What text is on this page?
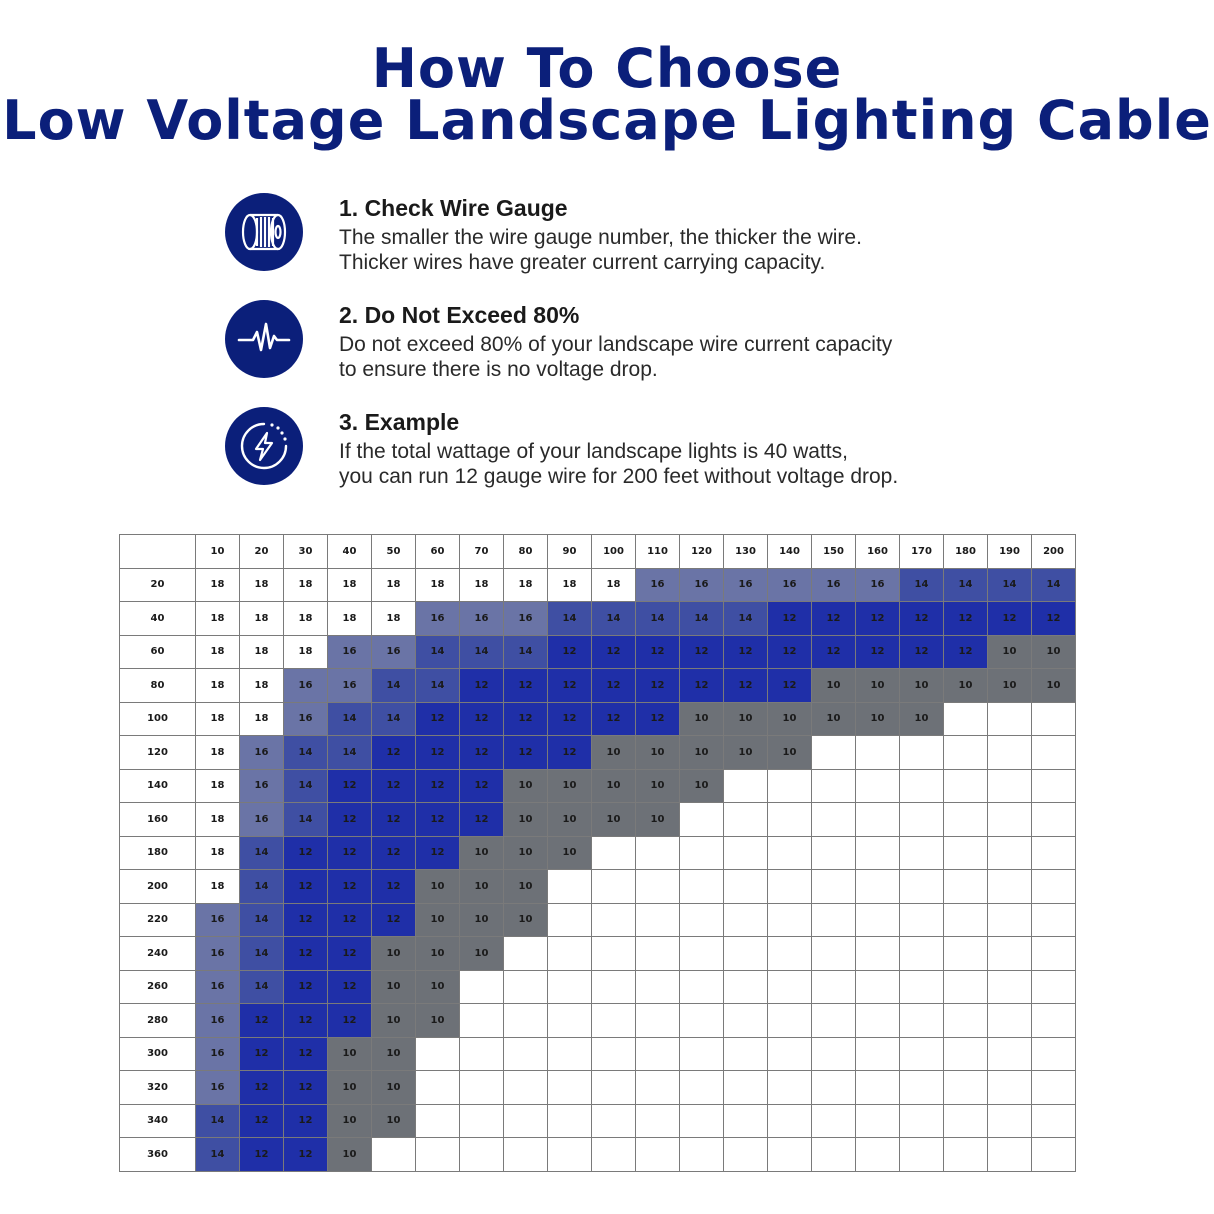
How To Choose
Low Voltage Landscape Lighting Cable
1. Check Wire Gauge
The smaller the wire gauge number, the thicker the wire.
Thicker wires have greater current carrying capacity.
2. Do Not Exceed 80%
Do not exceed 80% of your landscape wire current capacity
to ensure there is no voltage drop.
3. Example
If the total wattage of your landscape lights is 40 watts,
you can run 12 gauge wire for 200 feet without voltage drop.
	10	20	30	40	50	60	70	80	90	100	110	120	130	140	150	160	170	180	190	200
20	18	18	18	18	18	18	18	18	18	18	16	16	16	16	16	16	14	14	14	14
40	18	18	18	18	18	16	16	16	14	14	14	14	14	12	12	12	12	12	12	12
60	18	18	18	16	16	14	14	14	12	12	12	12	12	12	12	12	12	12	10	10
80	18	18	16	16	14	14	12	12	12	12	12	12	12	12	10	10	10	10	10	10
100	18	18	16	14	14	12	12	12	12	12	12	10	10	10	10	10	10			
120	18	16	14	14	12	12	12	12	12	10	10	10	10	10						
140	18	16	14	12	12	12	12	10	10	10	10	10								
160	18	16	14	12	12	12	12	10	10	10	10									
180	18	14	12	12	12	12	10	10	10											
200	18	14	12	12	12	10	10	10												
220	16	14	12	12	12	10	10	10												
240	16	14	12	12	10	10	10													
260	16	14	12	12	10	10														
280	16	12	12	12	10	10														
300	16	12	12	10	10															
320	16	12	12	10	10															
340	14	12	12	10	10															
360	14	12	12	10																
